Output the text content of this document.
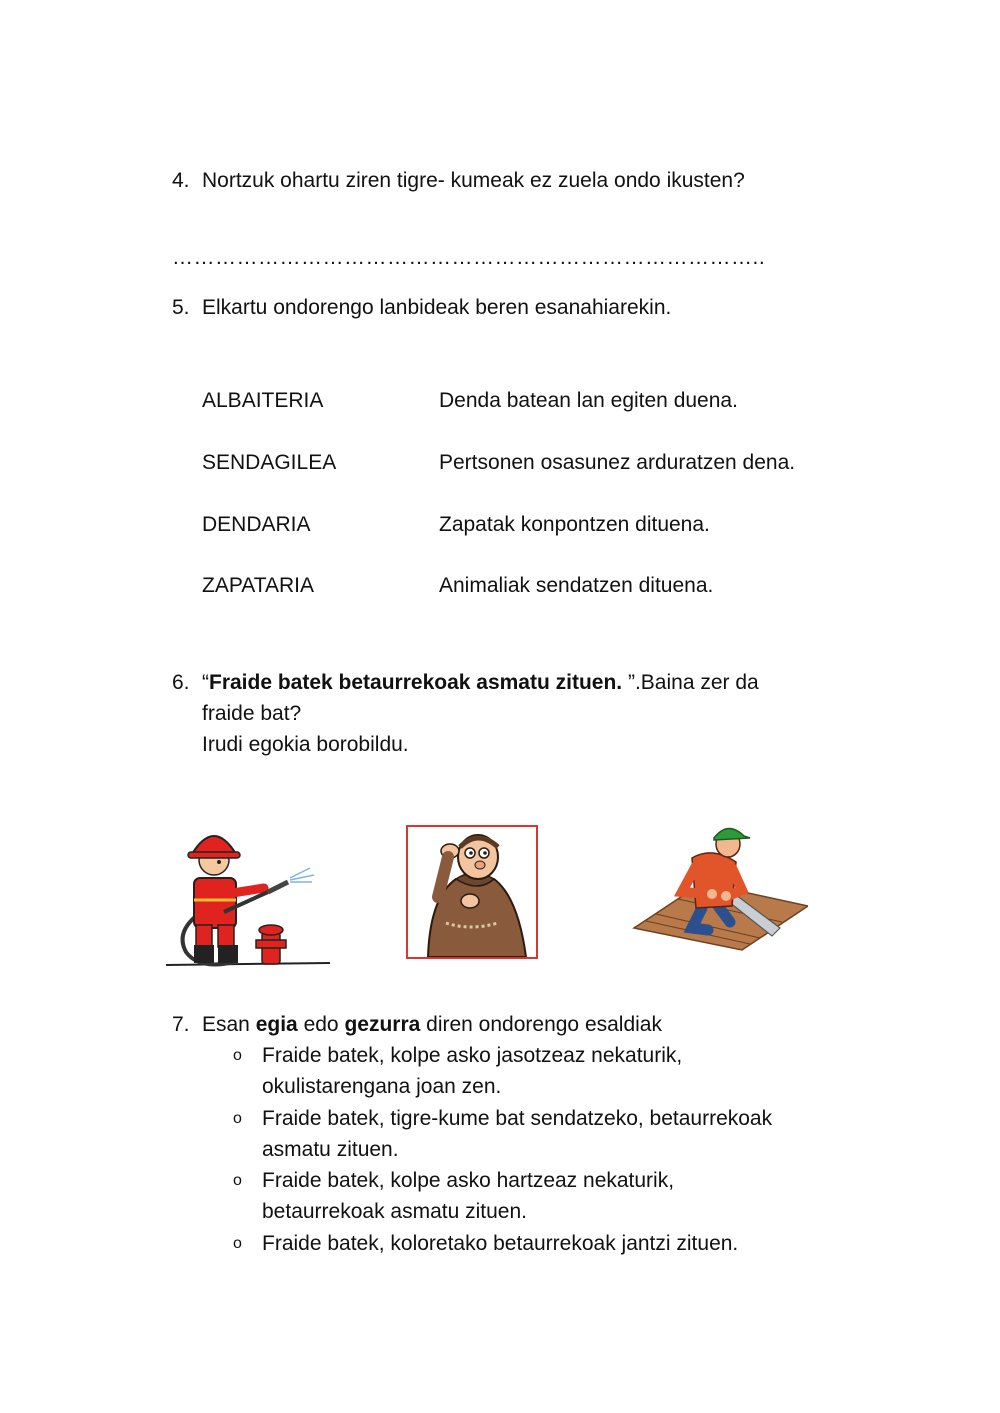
4. Nortzuk ohartu ziren tigre- kumeak ez zuela ondo ikusten?
………………………………………………………………………..
5. Elkartu ondorengo lanbideak beren esanahiarekin.
ALBAITERIA	Denda batean lan egiten duena.
SENDAGILEA	Pertsonen osasunez arduratzen dena.
DENDARIA	Zapatak konpontzen dituena.
ZAPATARIA	Animaliak sendatzen dituena.
6. “Fraide batek betaurrekoak asmatu zituen. ”.Baina zer da
fraide bat?
Irudi egokia borobildu.
7. Esan egia edo gezurra diren ondorengo esaldiak
o Fraide batek, kolpe asko jasotzeaz nekaturik,
okulistarengana joan zen.
o Fraide batek, tigre-kume bat sendatzeko, betaurrekoak
asmatu zituen.
o Fraide batek, kolpe asko hartzeaz nekaturik,
betaurrekoak asmatu zituen.
o Fraide batek, koloretako betaurrekoak jantzi zituen.
